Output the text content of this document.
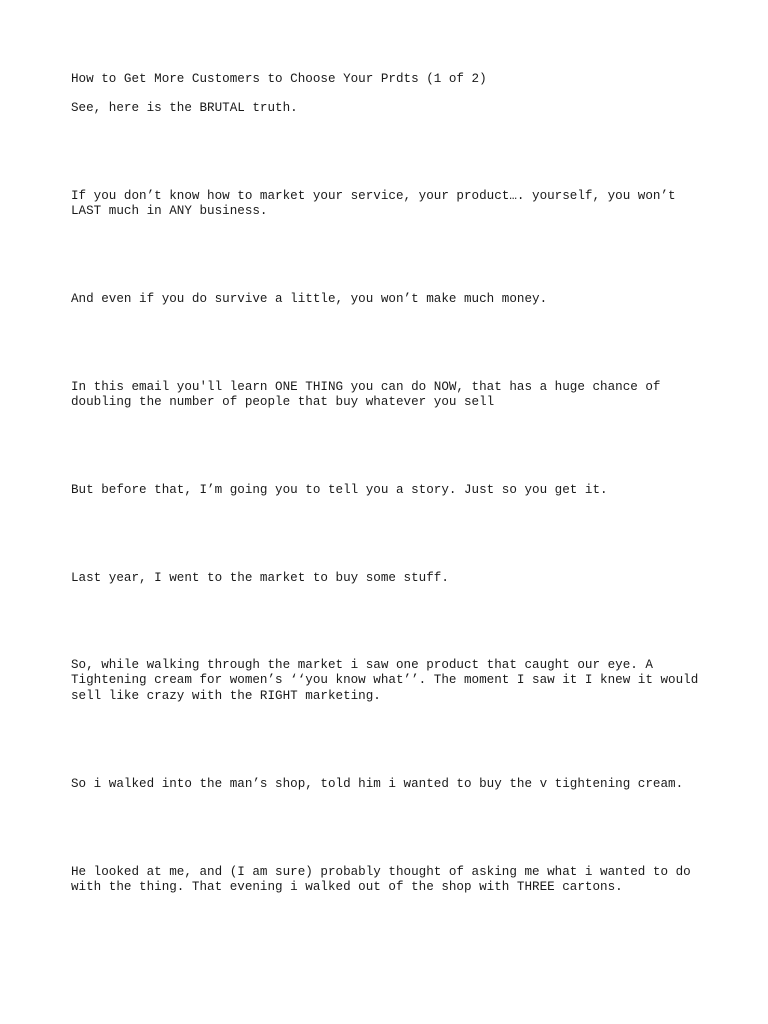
How to Get More Customers to Choose Your Prdts (1 of 2)

See, here is the BRUTAL truth.

If you don’t know how to market your service, your product…. yourself, you won’t

LAST much in ANY business.

And even if you do survive a little, you won’t make much money.

In this email you'll learn ONE THING you can do NOW, that has a huge chance of

doubling the number of people that buy whatever you sell

But before that, I’m going you to tell you a story. Just so you get it.

Last year, I went to the market to buy some stuff.

So, while walking through the market i saw one product that caught our eye. A

Tightening cream for women’s ‘‘you know what’’. The moment I saw it I knew it would

sell like crazy with the RIGHT marketing.

So i walked into the man’s shop, told him i wanted to buy the v tightening cream.

He looked at me, and (I am sure) probably thought of asking me what i wanted to do

with the thing. That evening i walked out of the shop with THREE cartons.
